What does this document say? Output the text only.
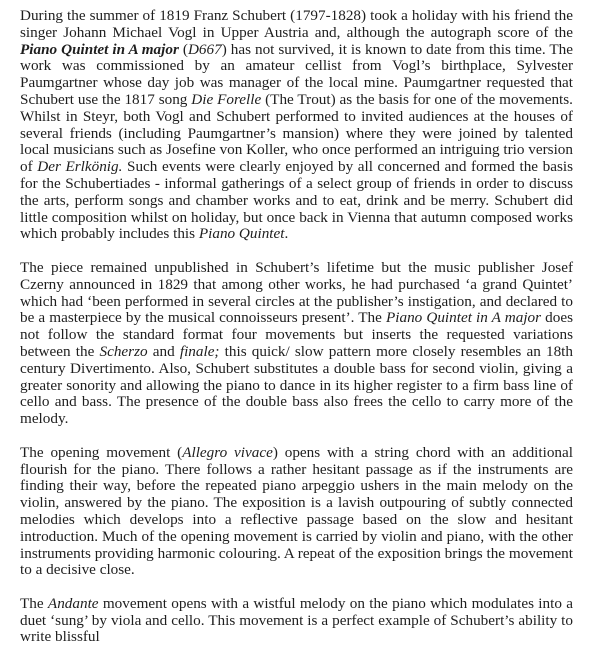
During the summer of 1819 Franz Schubert (1797-1828) took a holiday with his friend the singer Johann Michael Vogl in Upper Austria and, although the autograph score of the Piano Quintet in A major (D667) has not survived, it is known to date from this time. The work was commissioned by an amateur cellist from Vogl’s birthplace, Sylvester Paumgartner whose day job was manager of the local mine. Paumgartner requested that Schubert use the 1817 song Die Forelle (The Trout) as the basis for one of the movements. Whilst in Steyr, both Vogl and Schubert performed to invited audiences at the houses of several friends (including Paumgartner’s mansion) where they were joined by talented local musicians such as Josefine von Koller, who once performed an intriguing trio version of Der Erlkönig. Such events were clearly enjoyed by all concerned and formed the basis for the Schubertiades - informal gatherings of a select group of friends in order to discuss the arts, perform songs and chamber works and to eat, drink and be merry. Schubert did little composition whilst on holiday, but once back in Vienna that autumn composed works which probably includes this Piano Quintet.

The piece remained unpublished in Schubert’s lifetime but the music publisher Josef Czerny announced in 1829 that among other works, he had purchased ‘a grand Quintet’ which had ‘been performed in several circles at the publisher’s instigation, and declared to be a masterpiece by the musical connoisseurs present’. The Piano Quintet in A major does not follow the standard format four movements but inserts the requested variations between the Scherzo and finale; this quick/ slow pattern more closely resembles an 18th century Divertimento. Also, Schubert substitutes a double bass for second violin, giving a greater sonority and allowing the piano to dance in its higher register to a firm bass line of cello and bass. The presence of the double bass also frees the cello to carry more of the melody.

The opening movement (Allegro vivace) opens with a string chord with an additional flourish for the piano. There follows a rather hesitant passage as if the instruments are finding their way, before the repeated piano arpeggio ushers in the main melody on the violin, answered by the piano. The exposition is a lavish outpouring of subtly connected melodies which develops into a reflective passage based on the slow and hesitant introduction. Much of the opening movement is carried by violin and piano, with the other instruments providing harmonic colouring. A repeat of the exposition brings the movement to a decisive close.

The Andante movement opens with a wistful melody on the piano which modulates into a duet ‘sung’ by viola and cello. This movement is a perfect example of Schubert’s ability to write blissful
